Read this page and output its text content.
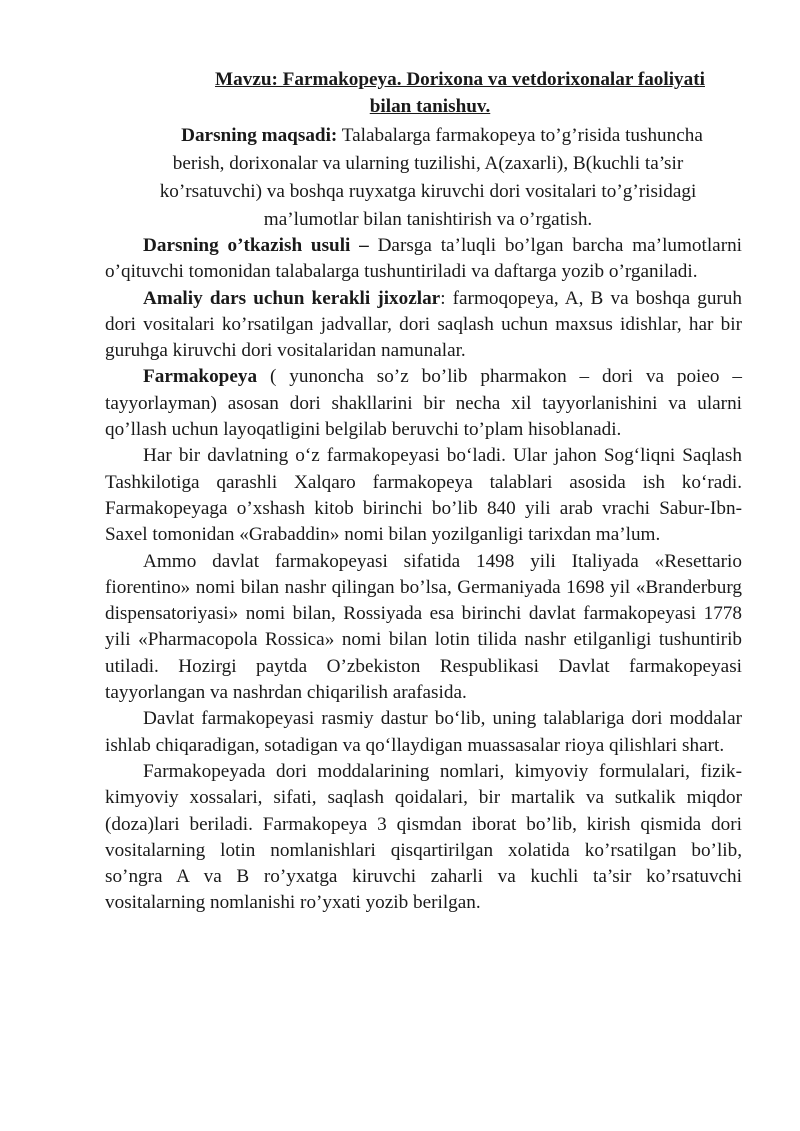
Mavzu: Farmakopeya. Dorixona va vetdorixonalar faoliyati
bilan tanishuv.
Darsning maqsadi: Talabalarga farmakopeya to’g’risida tushuncha
berish, dorixonalar va ularning tuzilishi, A(zaxarli), B(kuchli ta’sir
ko’rsatuvchi) va boshqa ruyxatga kiruvchi dori vositalari to’g’risidagi
ma’lumotlar bilan tanishtirish va o’rgatish.

Darsning o’tkazish usuli – Darsga ta’luqli bo’lgan barcha ma’lumotlarni o’qituvchi tomonidan talabalarga tushuntiriladi va daftarga yozib o’rganiladi.

Amaliy dars uchun kerakli jixozlar: farmoqopeya, A, B va boshqa guruh dori vositalari ko’rsatilgan jadvallar, dori saqlash uchun maxsus idishlar, har bir guruhga kiruvchi dori vositalaridan namunalar.

Farmakopeya ( yunoncha so’z bo’lib pharmakon – dori va poieo – tayyorlayman) asosan dori shakllarini bir necha xil tayyorlanishini va ularni qo’llash uchun layoqatligini belgilab beruvchi to’plam hisoblanadi.

Har bir davlatning o‘z farmakopeyasi bo‘ladi. Ular jahon Sog‘liqni Saqlash Tashkilotiga qarashli Xalqaro farmakopeya talablari asosida ish ko‘radi. Farmakopeyaga o’xshash kitob birinchi bo’lib 840 yili arab vrachi Sabur-Ibn-Saxel tomonidan «Grabaddin» nomi bilan yozilganligi tarixdan ma’lum.

Ammo davlat farmakopeyasi sifatida 1498 yili Italiyada «Resettario fiorentino» nomi bilan nashr qilingan bo’lsa, Germaniyada 1698 yil «Branderburg dispensatoriyasi» nomi bilan, Rossiyada esa birinchi davlat farmakopeyasi 1778 yili «Pharmacopola Rossica» nomi bilan lotin tilida nashr etilganligi tushuntirib utiladi. Hozirgi paytda O’zbekiston Respublikasi Davlat farmakopeyasi tayyorlangan va nashrdan chiqarilish arafasida.

Davlat farmakopeyasi rasmiy dastur bo‘lib, uning talablariga dori moddalar ishlab chiqaradigan, sotadigan va qo‘llaydigan muassasalar rioya qilishlari shart.

Farmakopeyada dori moddalarining nomlari, kimyoviy formulalari, fizik-kimyoviy xossalari, sifati, saqlash qoidalari, bir martalik va sutkalik miqdor (doza)lari beriladi. Farmakopeya 3 qismdan iborat bo’lib, kirish qismida dori vositalarning lotin nomlanishlari qisqartirilgan xolatida ko’rsatilgan bo’lib, so’ngra A va B ro’yxatga kiruvchi zaharli va kuchli ta’sir ko’rsatuvchi vositalarning nomlanishi ro’yxati yozib berilgan.
